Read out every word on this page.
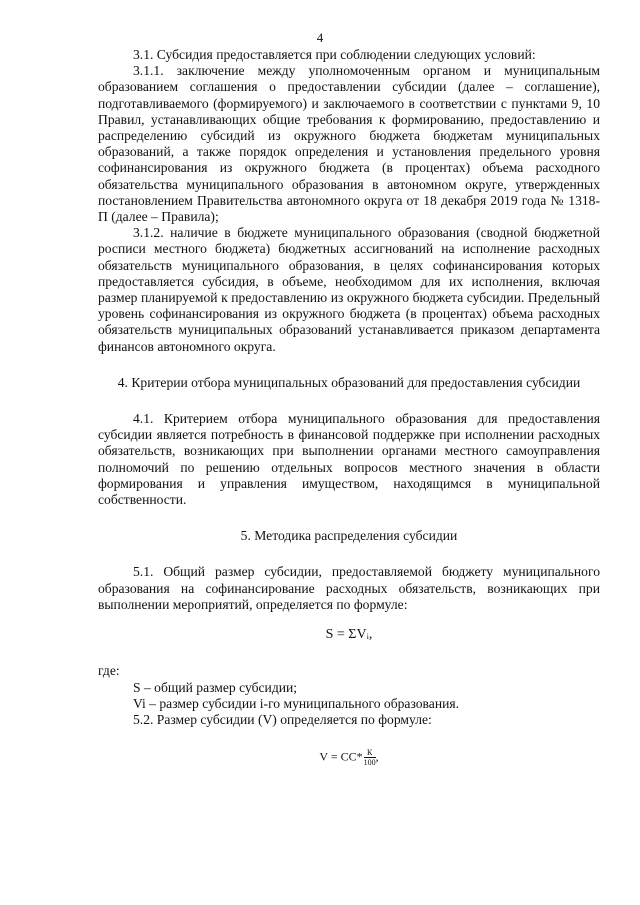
4

3.1. Субсидия предоставляется при соблюдении следующих условий:

3.1.1. заключение между уполномоченным органом и муниципальным образованием соглашения о предоставлении субсидии (далее – соглашение), подготавливаемого (формируемого) и заключаемого в соответствии с пунктами 9, 10 Правил, устанавливающих общие требования к формированию, предоставлению и распределению субсидий из окружного бюджета бюджетам муниципальных образований, а также порядок определения и установления предельного уровня софинансирования из окружного бюджета (в процентах) объема расходного обязательства муниципального образования в автономном округе, утвержденных постановлением Правительства автономного округа от 18 декабря 2019 года № 1318-П (далее – Правила);

3.1.2. наличие в бюджете муниципального образования (сводной бюджетной росписи местного бюджета) бюджетных ассигнований на исполнение расходных обязательств муниципального образования, в целях софинансирования которых предоставляется субсидия, в объеме, необходимом для их исполнения, включая размер планируемой к предоставлению из окружного бюджета субсидии. Предельный уровень софинансирования из окружного бюджета (в процентах) объема расходных обязательств муниципальных образований устанавливается приказом департамента финансов автономного округа.

4. Критерии отбора муниципальных образований для предоставления субсидии

4.1. Критерием отбора муниципального образования для предоставления субсидии является потребность в финансовой поддержке при исполнении расходных обязательств, возникающих при выполнении органами местного самоуправления полномочий по решению отдельных вопросов местного значения в области формирования и управления имуществом, находящимся в муниципальной собственности.

5. Методика распределения субсидии

5.1. Общий размер субсидии, предоставляемой бюджету муниципального образования на софинансирование расходных обязательств, возникающих при выполнении мероприятий, определяется по формуле:

S = ΣVᵢ,

где:

S – общий размер субсидии;

Vi – размер субсидии i-го муниципального образования.

5.2. Размер субсидии (V) определяется по формуле:

$V = СС* \frac{К}{100}$ ,
